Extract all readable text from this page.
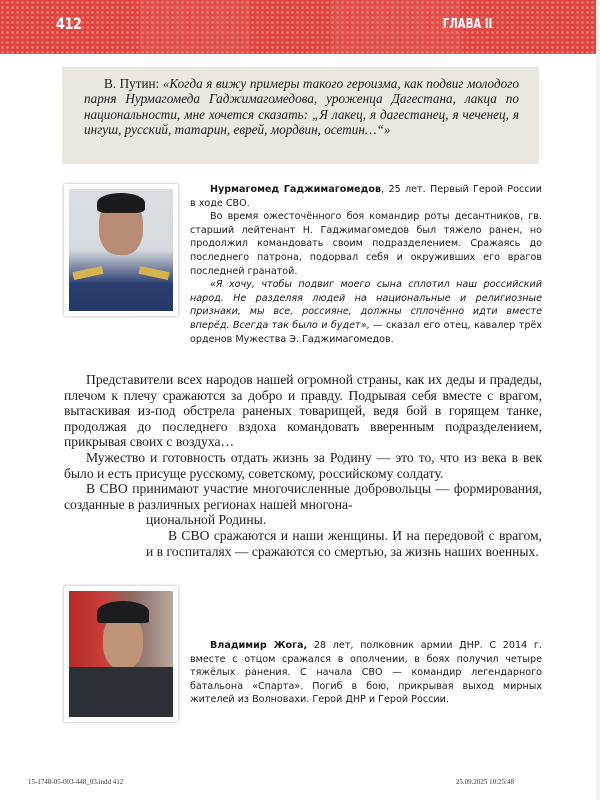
412	ГЛАВА II
В. Путин: «Когда я вижу примеры такого героизма, как подвиг молодого парня Нурмагомеда Гаджимагомедова, уроженца Дагестана, лакца по национальности, мне хочется сказать: „Я лакец, я дагестанец, я чеченец, я ингуш, русский, татарин, еврей, мордвин, осетин…“»

Нурмагомед Гаджимагомедов, 25 лет. Первый Герой России в ходе СВО.

Во время ожесточённого боя командир роты десантников, гв. старший лейтенант Н. Гаджимагомедов был тяжело ранен, но продолжил командовать своим подразделением. Сражаясь до последнего патрона, подорвал себя и окруживших его врагов последней гранатой.

«Я хочу, чтобы подвиг моего сына сплотил наш российский народ. Не разделяя людей на национальные и религиозные признаки, мы все, россияне, должны сплочённо идти вместе вперёд. Всегда так было и будет», — сказал его отец, кавалер трёх орденов Мужества Э. Гаджимагомедов.

Представители всех народов нашей огромной страны, как их деды и прадеды, плечом к плечу сражаются за добро и правду. Подрывая себя вместе с врагом, вытаскивая из-под обстрела раненых товарищей, ведя бой в горящем танке, продолжая до последнего вздоха командовать вверенным подразделением, прикрывая своих с воздуха…

Мужество и готовность отдать жизнь за Родину — это то, что из века в век было и есть присуще русскому, советскому, российскому солдату.

В СВО принимают участие многочисленные добровольцы — формирования, созданные в различных регионах нашей многона-

циональной Родины.

В СВО сражаются и наши женщины. И на передовой с врагом, и в госпиталях — сражаются со смертью, за жизнь наших военных.

Владимир Жога, 28 лет, полковник армии ДНР. С 2014 г. вместе с отцом сражался в ополчении, в боях получил четыре тяжёлых ранения. С начала СВО — командир легендарного батальона «Спарта». Погиб в бою, прикрывая выход мирных жителей из Волновахи. Герой ДНР и Герой России.

15-1748-05-003-448_03.indd 412	25.09.2025 10:25:48
